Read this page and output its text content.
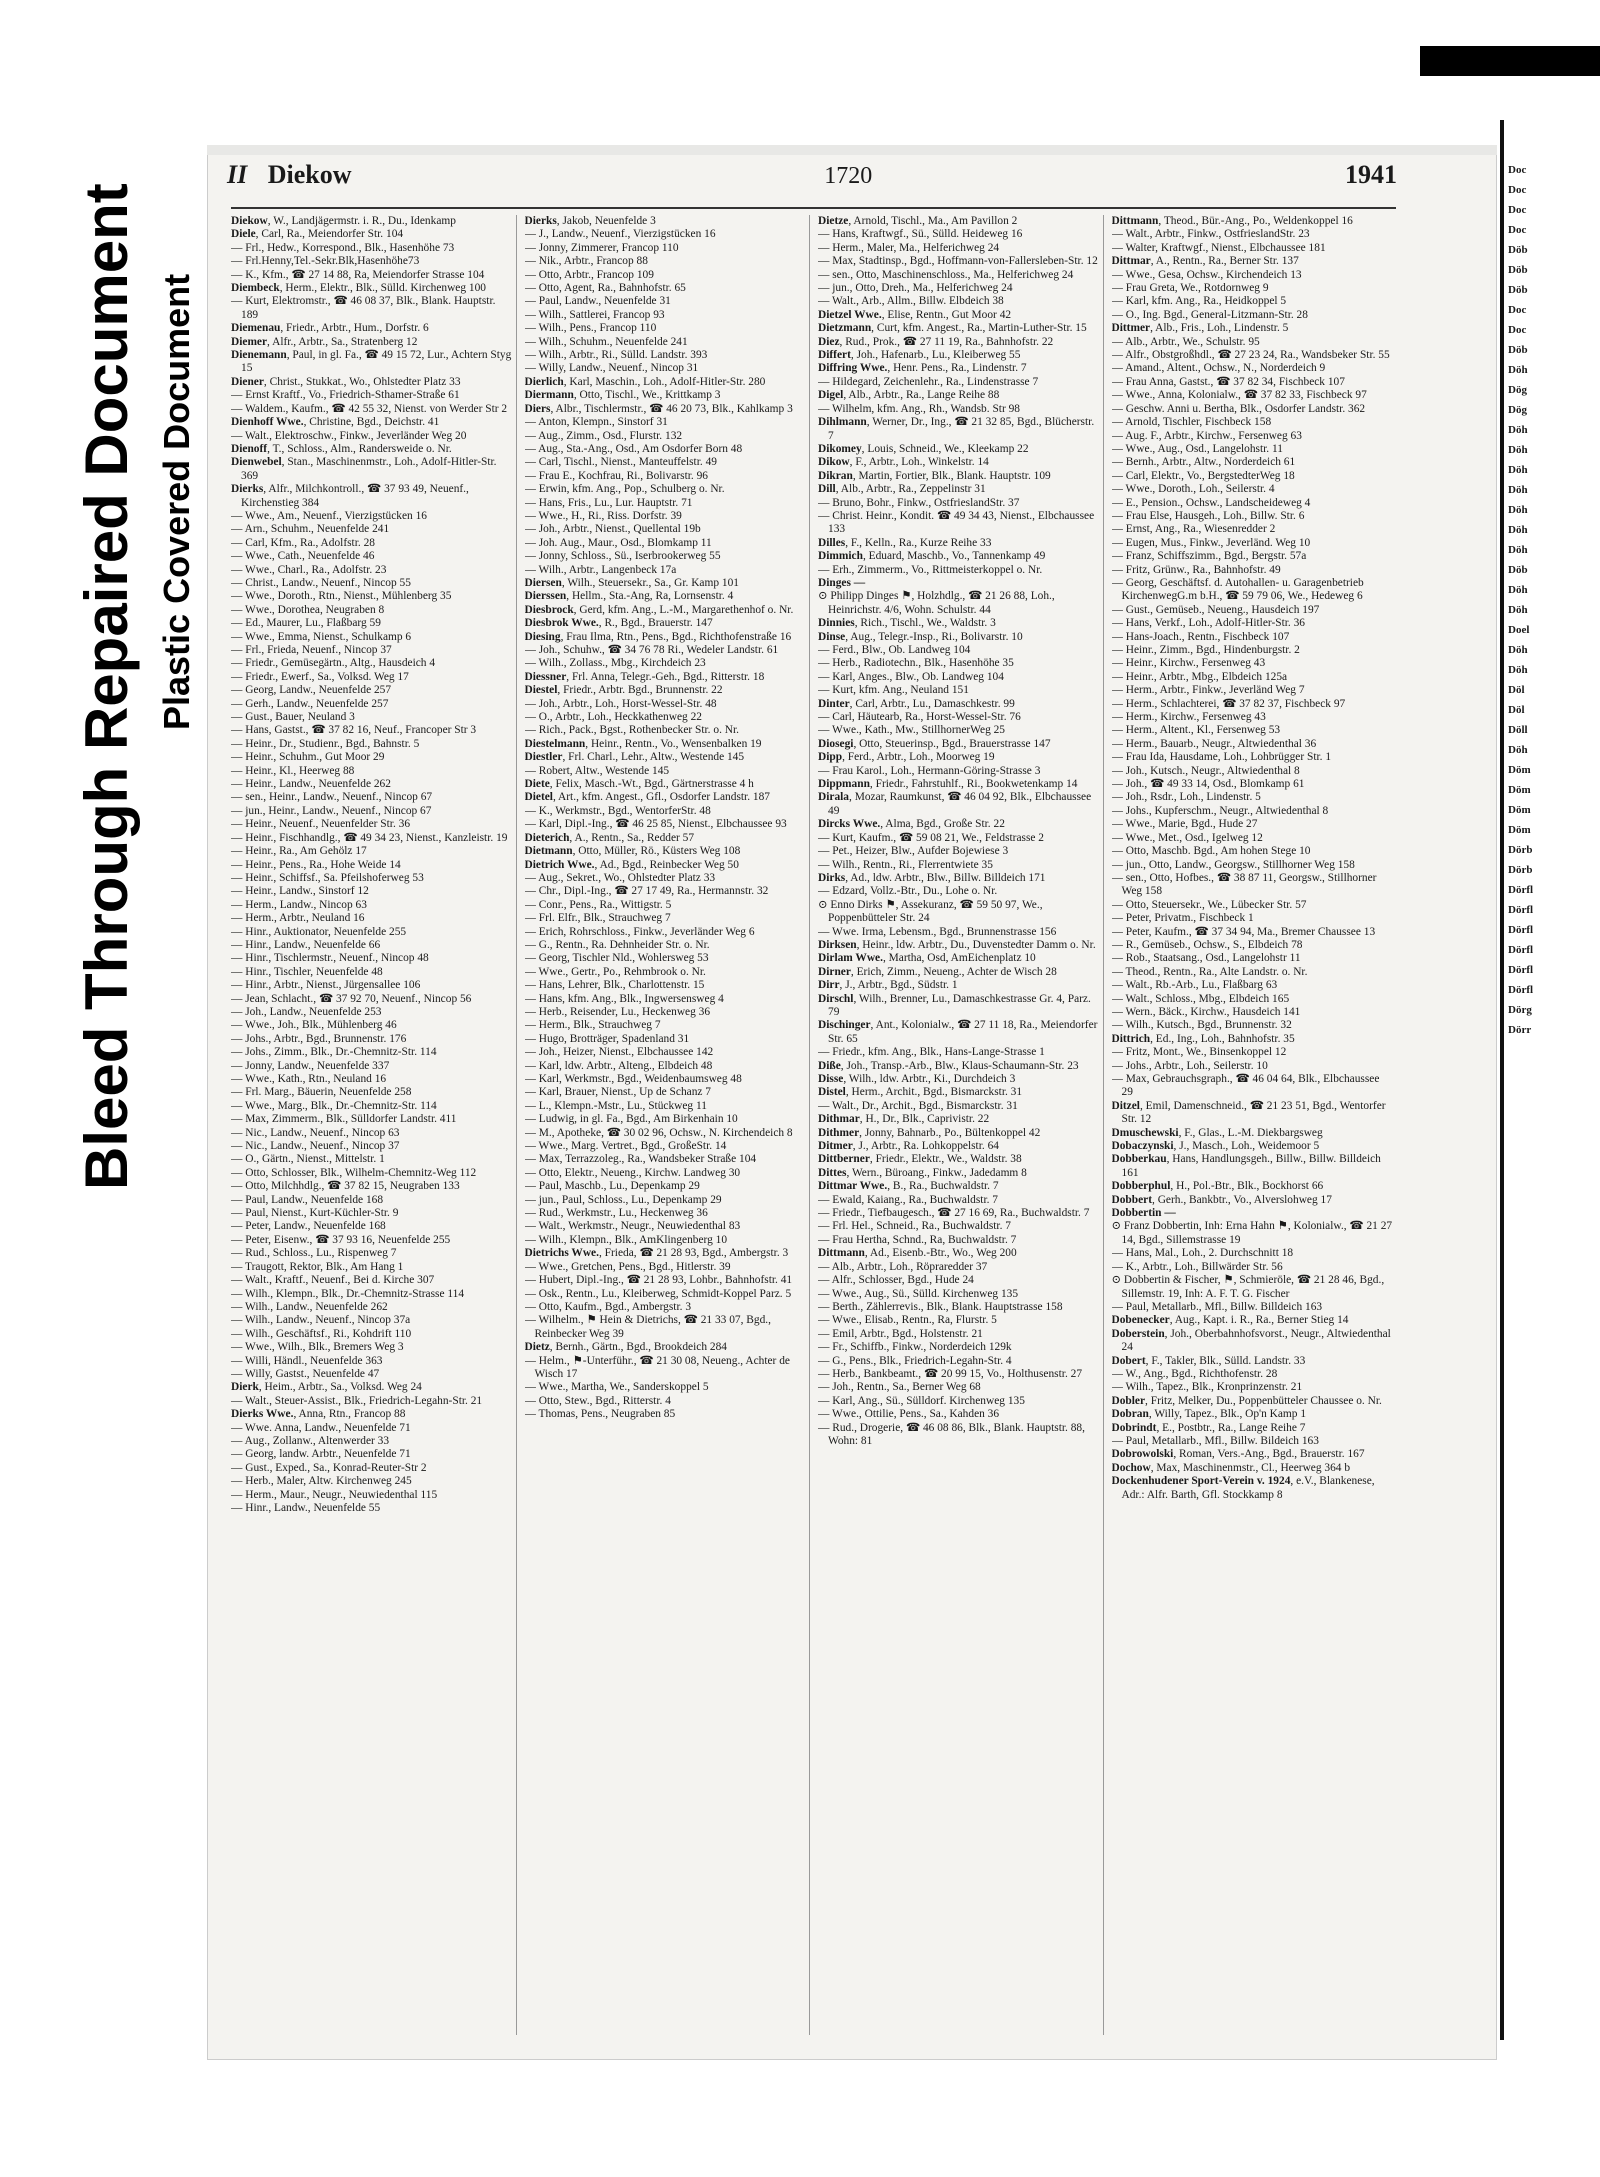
Bleed Through Repaired Document Plastic Covered Document
Doc
Doc
Doc
Doc
Döb
Döb
Döb
Doc
Doc
Döb
Döh
Dög
Dög
Döh
Döh
Döh
Döh
Döh
Döh
Döh
Döb
Döh
Döh
Doel
Döh
Döh
Döl
Döl
Döll
Döh
Döm
Döm
Döm
Döm
Dörb
Dörb
Dörfl
Dörfl
Dörfl
Dörfl
Dörfl
Dörfl
Dörg
Dörr
II Diekow	1720	1941

Diekow, W., Landjägermstr. i. R., Du., Idenkamp

Diele, Carl, Ra., Meiendorfer Str. 104

— Frl., Hedw., Korrespond., Blk., Hasenhöhe 73

— Frl.Henny,Tel.-Sekr.Blk,Hasenhöhe73

— K., Kfm., ☎ 27 14 88, Ra, Meiendorfer Strasse 104

Diembeck, Herm., Elektr., Blk., Sülld. Kirchenweg 100

— Kurt, Elektromstr., ☎ 46 08 37, Blk., Blank. Hauptstr. 189

Diemenau, Friedr., Arbtr., Hum., Dorfstr. 6

Diemer, Alfr., Arbtr., Sa., Stratenberg 12

Dienemann, Paul, in gl. Fa., ☎ 49 15 72, Lur., Achtern Styg 15

Diener, Christ., Stukkat., Wo., Ohlstedter Platz 33

— Ernst Kraftf., Vo., Friedrich-Sthamer-Straße 61

— Waldem., Kaufm., ☎ 42 55 32, Nienst. von Werder Str 2

Dienhoff Wwe., Christine, Bgd., Deichstr. 41

— Walt., Elektroschw., Finkw., Jeverländer Weg 20

Dienoff, T., Schloss., Alm., Randersweide o. Nr.

Dienwebel, Stan., Maschinenmstr., Loh., Adolf-Hitler-Str. 369

Dierks, Alfr., Milchkontroll., ☎ 37 93 49, Neuenf., Kirchenstieg 384

— Wwe., Am., Neuenf., Vierzigstücken 16

— Arn., Schuhm., Neuenfelde 241

— Carl, Kfm., Ra., Adolfstr. 28

— Wwe., Cath., Neuenfelde 46

— Wwe., Charl., Ra., Adolfstr. 23

— Christ., Landw., Neuenf., Nincop 55

— Wwe., Doroth., Rtn., Nienst., Mühlenberg 35

— Wwe., Dorothea, Neugraben 8

— Ed., Maurer, Lu., Flaßbarg 59

— Wwe., Emma, Nienst., Schulkamp 6

— Frl., Frieda, Neuenf., Nincop 37

— Friedr., Gemüsegärtn., Altg., Hausdeich 4

— Friedr., Ewerf., Sa., Volksd. Weg 17

— Georg, Landw., Neuenfelde 257

— Gerh., Landw., Neuenfelde 257

— Gust., Bauer, Neuland 3

— Hans, Gastst., ☎ 37 82 16, Neuf., Francoper Str 3

— Heinr., Dr., Studienr., Bgd., Bahnstr. 5

— Heinr., Schuhm., Gut Moor 29

— Heinr., Kl., Heerweg 88

— Heinr., Landw., Neuenfelde 262

— sen., Heinr., Landw., Neuenf., Nincop 67

— jun., Heinr., Landw., Neuenf., Nincop 67

— Heinr., Neuenf., Neuenfelder Str. 36

— Heinr., Fischhandlg., ☎ 49 34 23, Nienst., Kanzleistr. 19

— Heinr., Ra., Am Gehölz 17

— Heinr., Pens., Ra., Hohe Weide 14

— Heinr., Schiffsf., Sa. Pfeilshoferweg 53

— Heinr., Landw., Sinstorf 12

— Herm., Landw., Nincop 63

— Herm., Arbtr., Neuland 16

— Hinr., Auktionator, Neuenfelde 255

— Hinr., Landw., Neuenfelde 66

— Hinr., Tischlermstr., Neuenf., Nincop 48

— Hinr., Tischler, Neuenfelde 48

— Hinr., Arbtr., Nienst., Jürgensallee 106

— Jean, Schlacht., ☎ 37 92 70, Neuenf., Nincop 56

— Joh., Landw., Neuenfelde 253

— Wwe., Joh., Blk., Mühlenberg 46

— Johs., Arbtr., Bgd., Brunnenstr. 176

— Johs., Zimm., Blk., Dr.-Chemnitz-Str. 114

— Jonny, Landw., Neuenfelde 337

— Wwe., Kath., Rtn., Neuland 16

— Frl. Marg., Bäuerin, Neuenfelde 258

— Wwe., Marg., Blk., Dr.-Chemnitz-Str. 114

— Max, Zimmerm., Blk., Sülldorfer Landstr. 411

— Nic., Landw., Neuenf., Nincop 63

— Nic., Landw., Neuenf., Nincop 37

— O., Gärtn., Nienst., Mittelstr. 1

— Otto, Schlosser, Blk., Wilhelm-Chemnitz-Weg 112

— Otto, Milchhdlg., ☎ 37 82 15, Neugraben 133

— Paul, Landw., Neuenfelde 168

— Paul, Nienst., Kurt-Küchler-Str. 9

— Peter, Landw., Neuenfelde 168

— Peter, Eisenw., ☎ 37 93 16, Neuenfelde 255

— Rud., Schloss., Lu., Rispenweg 7

— Traugott, Rektor, Blk., Am Hang 1

— Walt., Kraftf., Neuenf., Bei d. Kirche 307

— Wilh., Klempn., Blk., Dr.-Chemnitz-Strasse 114

— Wilh., Landw., Neuenfelde 262

— Wilh., Landw., Neuenf., Nincop 37a

— Wilh., Geschäftsf., Ri., Kohdrift 110

— Wwe., Wilh., Blk., Bremers Weg 3

— Willi, Händl., Neuenfelde 363

— Willy, Gastst., Neuenfelde 47

Dierk, Heim., Arbtr., Sa., Volksd. Weg 24

— Walt., Steuer-Assist., Blk., Friedrich-Legahn-Str. 21

Dierks Wwe., Anna, Rtn., Francop 88

— Wwe. Anna, Landw., Neuenfelde 71

— Aug., Zollanw., Altenwerder 33

— Georg, landw. Arbtr., Neuenfelde 71

— Gust., Exped., Sa., Konrad-Reuter-Str 2

— Herb., Maler, Altw. Kirchenweg 245

— Herm., Maur., Neugr., Neuwiedenthal 115

— Hinr., Landw., Neuenfelde 55

Dierks, Jakob, Neuenfelde 3

— J., Landw., Neuenf., Vierzigstücken 16

— Jonny, Zimmerer, Francop 110

— Nik., Arbtr., Francop 88

— Otto, Arbtr., Francop 109

— Otto, Agent, Ra., Bahnhofstr. 65

— Paul, Landw., Neuenfelde 31

— Wilh., Sattlerei, Francop 93

— Wilh., Pens., Francop 110

— Wilh., Schuhm., Neuenfelde 241

— Wilh., Arbtr., Ri., Sülld. Landstr. 393

— Willy, Landw., Neuenf., Nincop 31

Dierlich, Karl, Maschin., Loh., Adolf-Hitler-Str. 280

Diermann, Otto, Tischl., We., Krittkamp 3

Diers, Albr., Tischlermstr., ☎ 46 20 73, Blk., Kahlkamp 3

— Anton, Klempn., Sinstorf 31

— Aug., Zimm., Osd., Flurstr. 132

— Aug., Sta.-Ang., Osd., Am Osdorfer Born 48

— Carl, Tischl., Nienst., Manteuffelstr. 49

— Frau E., Kochfrau, Ri., Bolivarstr. 96

— Erwin, kfm. Ang., Pop., Schulberg o. Nr.

— Hans, Fris., Lu., Lur. Hauptstr. 71

— Wwe., H., Ri., Riss. Dorfstr. 39

— Joh., Arbtr., Nienst., Quellental 19b

— Joh. Aug., Maur., Osd., Blomkamp 11

— Jonny, Schloss., Sü., Iserbrookerweg 55

— Wilh., Arbtr., Langenbeck 17a

Diersen, Wilh., Steuersekr., Sa., Gr. Kamp 101

Dierssen, Hellm., Sta.-Ang, Ra, Lornsenstr. 4

Diesbrock, Gerd, kfm. Ang., L.-M., Margarethenhof o. Nr.

Diesbrok Wwe., R., Bgd., Brauerstr. 147

Diesing, Frau Ilma, Rtn., Pens., Bgd., Richthofenstraße 16

— Joh., Schuhw., ☎ 34 76 78 Ri., Wedeler Landstr. 61

— Wilh., Zollass., Mbg., Kirchdeich 23

Diessner, Frl. Anna, Telegr.-Geh., Bgd., Ritterstr. 18

Diestel, Friedr., Arbtr. Bgd., Brunnenstr. 22

— Joh., Arbtr., Loh., Horst-Wessel-Str. 48

— O., Arbtr., Loh., Heckkathenweg 22

— Rich., Pack., Bgst., Rothenbecker Str. o. Nr.

Diestelmann, Heinr., Rentn., Vo., Wensenbalken 19

Diestler, Frl. Charl., Lehr., Altw., Westende 145

— Robert, Altw., Westende 145

Diete, Felix, Masch.-Wt., Bgd., Gärtnerstrasse 4 h

Dietel, Art., kfm. Angest., Gfl., Osdorfer Landstr. 187

— K., Werkmstr., Bgd., WentorferStr. 48

— Karl, Dipl.-Ing., ☎ 46 25 85, Nienst., Elbchaussee 93

Dieterich, A., Rentn., Sa., Redder 57

Dietmann, Otto, Müller, Rö., Küsters Weg 108

Dietrich Wwe., Ad., Bgd., Reinbecker Weg 50

— Aug., Sekret., Wo., Ohlstedter Platz 33

— Chr., Dipl.-Ing., ☎ 27 17 49, Ra., Hermannstr. 32

— Conr., Pens., Ra., Wittigstr. 5

— Frl. Elfr., Blk., Strauchweg 7

— Erich, Rohrschloss., Finkw., Jeverländer Weg 6

— G., Rentn., Ra. Dehnheider Str. o. Nr.

— Georg, Tischler Nld., Wohlersweg 53

— Wwe., Gertr., Po., Rehmbrook o. Nr.

— Hans, Lehrer, Blk., Charlottenstr. 15

— Hans, kfm. Ang., Blk., Ingwersensweg 4

— Herb., Reisender, Lu., Heckenweg 36

— Herm., Blk., Strauchweg 7

— Hugo, Brotträger, Spadenland 31

— Joh., Heizer, Nienst., Elbchaussee 142

— Karl, ldw. Arbtr., Alteng., Elbdeich 48

— Karl, Werkmstr., Bgd., Weidenbaumsweg 48

— Karl, Brauer, Nienst., Up de Schanz 7

— L., Klempn.-Mstr., Lu., Stückweg 11

— Ludwig, in gl. Fa., Bgd., Am Birkenhain 10

— M., Apotheke, ☎ 30 02 96, Ochsw., N. Kirchendeich 8

— Wwe., Marg. Vertret., Bgd., GroßeStr. 14

— Max, Terrazzoleg., Ra., Wandsbeker Straße 104

— Otto, Elektr., Neueng., Kirchw. Landweg 30

— Paul, Maschb., Lu., Depenkamp 29

— jun., Paul, Schloss., Lu., Depenkamp 29

— Rud., Werkmstr., Lu., Heckenweg 36

— Walt., Werkmstr., Neugr., Neuwiedenthal 83

— Wilh., Klempn., Blk., AmKlingenberg 10

Dietrichs Wwe., Frieda, ☎ 21 28 93, Bgd., Ambergstr. 3

— Wwe., Gretchen, Pens., Bgd., Hitlerstr. 39

— Hubert, Dipl.-Ing., ☎ 21 28 93, Lohbr., Bahnhofstr. 41

— Osk., Rentn., Lu., Kleiberweg, Schmidt-Koppel Parz. 5

— Otto, Kaufm., Bgd., Ambergstr. 3

— Wilhelm., ⚑ Hein & Dietrichs, ☎ 21 33 07, Bgd., Reinbecker Weg 39

Dietz, Bernh., Gärtn., Bgd., Brookdeich 284

— Helm., ⚑-Unterführ., ☎ 21 30 08, Neueng., Achter de Wisch 17

— Wwe., Martha, We., Sanderskoppel 5

— Otto, Stew., Bgd., Ritterstr. 4

— Thomas, Pens., Neugraben 85

Dietze, Arnold, Tischl., Ma., Am Pavillon 2

— Hans, Kraftwgf., Sü., Sülld. Heideweg 16

— Herm., Maler, Ma., Helferichweg 24

— Max, Stadtinsp., Bgd., Hoffmann-von-Fallersleben-Str. 12

— sen., Otto, Maschinenschloss., Ma., Helferichweg 24

— jun., Otto, Dreh., Ma., Helferichweg 24

— Walt., Arb., Allm., Billw. Elbdeich 38

Dietzel Wwe., Elise, Rentn., Gut Moor 42

Dietzmann, Curt, kfm. Angest., Ra., Martin-Luther-Str. 15

Diez, Rud., Prok., ☎ 27 11 19, Ra., Bahnhofstr. 22

Differt, Joh., Hafenarb., Lu., Kleiberweg 55

Diffring Wwe., Henr. Pens., Ra., Lindenstr. 7

— Hildegard, Zeichenlehr., Ra., Lindenstrasse 7

Digel, Alb., Arbtr., Ra., Lange Reihe 88

— Wilhelm, kfm. Ang., Rh., Wandsb. Str 98

Dihlmann, Werner, Dr., Ing., ☎ 21 32 85, Bgd., Blücherstr. 7

Dikomey, Louis, Schneid., We., Kleekamp 22

Dikow, F., Arbtr., Loh., Winkelstr. 14

Dikran, Martin, Fortier, Blk., Blank. Hauptstr. 109

Dill, Alb., Arbtr., Ra., Zeppelinstr 31

— Bruno, Bohr., Finkw., OstfrieslandStr. 37

— Christ. Heinr., Kondit. ☎ 49 34 43, Nienst., Elbchaussee 133

Dilles, F., Kelln., Ra., Kurze Reihe 33

Dimmich, Eduard, Maschb., Vo., Tannenkamp 49

— Erh., Zimmerm., Vo., Rittmeisterkoppel o. Nr.

Dinges —

⊙ Philipp Dinges ⚑, Holzhdlg., ☎ 21 26 88, Loh., Heinrichstr. 4/6, Wohn. Schulstr. 44

Dinnies, Rich., Tischl., We., Waldstr. 3

Dinse, Aug., Telegr.-Insp., Ri., Bolivarstr. 10

— Ferd., Blw., Ob. Landweg 104

— Herb., Radiotechn., Blk., Hasenhöhe 35

— Karl, Anges., Blw., Ob. Landweg 104

— Kurt, kfm. Ang., Neuland 151

Dinter, Carl, Arbtr., Lu., Damaschkestr. 99

— Carl, Häutearb, Ra., Horst-Wessel-Str. 76

— Wwe., Kath., Mw., StillhornerWeg 25

Diosegi, Otto, Steuerinsp., Bgd., Brauerstrasse 147

Dipp, Ferd., Arbtr., Loh., Moorweg 19

— Frau Karol., Loh., Hermann-Göring-Strasse 3

Dippmann, Friedr., Fahrstuhlf., Ri., Bookwetenkamp 14

Dirala, Mozar, Raumkunst, ☎ 46 04 92, Blk., Elbchaussee 49

Dircks Wwe., Alma, Bgd., Große Str. 22

— Kurt, Kaufm., ☎ 59 08 21, We., Feldstrasse 2

— Pet., Heizer, Blw., Aufder Bojewiese 3

— Wilh., Rentn., Ri., Flerrentwiete 35

Dirks, Ad., ldw. Arbtr., Blw., Billw. Billdeich 171

— Edzard, Vollz.-Btr., Du., Lohe o. Nr.

⊙ Enno Dirks ⚑, Assekuranz, ☎ 59 50 97, We., Poppenbütteler Str. 24

— Wwe. Irma, Lebensm., Bgd., Brunnenstrasse 156

Dirksen, Heinr., ldw. Arbtr., Du., Duvenstedter Damm o. Nr.

Dirlam Wwe., Martha, Osd, AmEichenplatz 10

Dirner, Erich, Zimm., Neueng., Achter de Wisch 28

Dirr, J., Arbtr., Bgd., Südstr. 1

Dirschl, Wilh., Brenner, Lu., Damaschkestrasse Gr. 4, Parz. 79

Dischinger, Ant., Kolonialw., ☎ 27 11 18, Ra., Meiendorfer Str. 65

— Friedr., kfm. Ang., Blk., Hans-Lange-Strasse 1

Diße, Joh., Transp.-Arb., Blw., Klaus-Schaumann-Str. 23

Disse, Wilh., ldw. Arbtr., Ki., Durchdeich 3

Distel, Herm., Archit., Bgd., Bismarckstr. 31

— Walt., Dr., Archit., Bgd., Bismarckstr. 31

Dithmar, H., Dr., Blk., Caprivistr. 22

Dithmer, Jonny, Bahnarb., Po., Bültenkoppel 42

Ditmer, J., Arbtr., Ra. Lohkoppelstr. 64

Dittberner, Friedr., Elektr., We., Waldstr. 38

Dittes, Wern., Büroang., Finkw., Jadedamm 8

Dittmar Wwe., B., Ra., Buchwaldstr. 7

— Ewald, Kaiang., Ra., Buchwaldstr. 7

— Friedr., Tiefbaugesch., ☎ 27 16 69, Ra., Buchwaldstr. 7

— Frl. Hel., Schneid., Ra., Buchwaldstr. 7

— Frau Hertha, Schnd., Ra, Buchwaldstr. 7

Dittmann, Ad., Eisenb.-Btr., Wo., Weg 200

— Alb., Arbtr., Loh., Röpraredder 37

— Alfr., Schlosser, Bgd., Hude 24

— Wwe., Aug., Sü., Sülld. Kirchenweg 135

— Berth., Zählerrevis., Blk., Blank. Hauptstrasse 158

— Wwe., Elisab., Rentn., Ra, Flurstr. 5

— Emil, Arbtr., Bgd., Holstenstr. 21

— Fr., Schiffb., Finkw., Norderdeich 129k

— G., Pens., Blk., Friedrich-Legahn-Str. 4

— Herb., Bankbeamt., ☎ 20 99 15, Vo., Holthusenstr. 27

— Joh., Rentn., Sa., Berner Weg 68

— Karl, Ang., Sü., Sülldorf. Kirchenweg 135

— Wwe., Ottilie, Pens., Sa., Kahden 36

— Rud., Drogerie, ☎ 46 08 86, Blk., Blank. Hauptstr. 88, Wohn: 81

Dittmann, Theod., Bür.-Ang., Po., Weldenkoppel 16

— Walt., Arbtr., Finkw., OstfrieslandStr. 23

— Walter, Kraftwgf., Nienst., Elbchaussee 181

Dittmar, A., Rentn., Ra., Berner Str. 137

— Wwe., Gesa, Ochsw., Kirchendeich 13

— Frau Greta, We., Rotdornweg 9

— Karl, kfm. Ang., Ra., Heidkoppel 5

— O., Ing. Bgd., General-Litzmann-Str. 28

Dittmer, Alb., Fris., Loh., Lindenstr. 5

— Alb., Arbtr., We., Schulstr. 95

— Alfr., Obstgroßhdl., ☎ 27 23 24, Ra., Wandsbeker Str. 55

— Amand., Altent., Ochsw., N., Norderdeich 9

— Frau Anna, Gastst., ☎ 37 82 34, Fischbeck 107

— Wwe., Anna, Kolonialw., ☎ 37 82 33, Fischbeck 97

— Geschw. Anni u. Bertha, Blk., Osdorfer Landstr. 362

— Arnold, Tischler, Fischbeck 158

— Aug. F., Arbtr., Kirchw., Fersenweg 63

— Wwe., Aug., Osd., Langelohstr. 11

— Bernh., Arbtr., Altw., Norderdeich 61

— Carl, Elektr., Vo., BergstedterWeg 18

— Wwe., Doroth., Loh., Seilerstr. 4

— E., Pension., Ochsw., Landscheideweg 4

— Frau Else, Hausgeh., Loh., Billw. Str. 6

— Ernst, Ang., Ra., Wiesenredder 2

— Eugen, Mus., Finkw., Jeverländ. Weg 10

— Franz, Schiffszimm., Bgd., Bergstr. 57a

— Fritz, Grünw., Ra., Bahnhofstr. 49

— Georg, Geschäftsf. d. Autohallen- u. Garagenbetrieb KirchenwegG.m b.H., ☎ 59 79 06, We., Hedeweg 6

— Gust., Gemüseb., Neueng., Hausdeich 197

— Hans, Verkf., Loh., Adolf-Hitler-Str. 36

— Hans-Joach., Rentn., Fischbeck 107

— Heinr., Zimm., Bgd., Hindenburgstr. 2

— Heinr., Kirchw., Fersenweg 43

— Heinr., Arbtr., Mbg., Elbdeich 125a

— Herm., Arbtr., Finkw., Jeverländ Weg 7

— Herm., Schlachterei, ☎ 37 82 37, Fischbeck 97

— Herm., Kirchw., Fersenweg 43

— Herm., Altent., Kl., Fersenweg 53

— Herm., Bauarb., Neugr., Altwiedenthal 36

— Frau Ida, Hausdame, Loh., Lohbrügger Str. 1

— Joh., Kutsch., Neugr., Altwiedenthal 8

— Joh., ☎ 49 33 14, Osd., Blomkamp 61

— Joh., Rsdr., Loh., Lindenstr. 5

— Johs., Kupferschm., Neugr., Altwiedenthal 8

— Wwe., Marie, Bgd., Hude 27

— Wwe., Met., Osd., Igelweg 12

— Otto, Maschb. Bgd., Am hohen Stege 10

— jun., Otto, Landw., Georgsw., Stillhorner Weg 158

— sen., Otto, Hofbes., ☎ 38 87 11, Georgsw., Stillhorner Weg 158

— Otto, Steuersekr., We., Lübecker Str. 57

— Peter, Privatm., Fischbeck 1

— Peter, Kaufm., ☎ 37 34 94, Ma., Bremer Chaussee 13

— R., Gemüseb., Ochsw., S., Elbdeich 78

— Rob., Staatsang., Osd., Langelohstr 11

— Theod., Rentn., Ra., Alte Landstr. o. Nr.

— Walt., Rb.-Arb., Lu., Flaßbarg 63

— Walt., Schloss., Mbg., Elbdeich 165

— Wern., Bäck., Kirchw., Hausdeich 141

— Wilh., Kutsch., Bgd., Brunnenstr. 32

Dittrich, Ed., Ing., Loh., Bahnhofstr. 35

— Fritz, Mont., We., Binsenkoppel 12

— Johs., Arbtr., Loh., Seilerstr. 10

— Max, Gebrauchsgraph., ☎ 46 04 64, Blk., Elbchaussee 29

Ditzel, Emil, Damenschneid., ☎ 21 23 51, Bgd., Wentorfer Str. 12

Dmuschewski, F., Glas., L.-M. Diekbargsweg

Dobaczynski, J., Masch., Loh., Weidemoor 5

Dobberkau, Hans, Handlungsgeh., Billw., Billw. Billdeich 161

Dobberphul, H., Pol.-Btr., Blk., Bockhorst 66

Dobbert, Gerh., Bankbtr., Vo., Alverslohweg 17

Dobbertin —

⊙ Franz Dobbertin, Inh: Erna Hahn ⚑, Kolonialw., ☎ 21 27 14, Bgd., Sillemstrasse 19

— Hans, Mal., Loh., 2. Durchschnitt 18

— K., Arbtr., Loh., Billwärder Str. 56

⊙ Dobbertin & Fischer, ⚑, Schmieröle, ☎ 21 28 46, Bgd., Sillemstr. 19, Inh: A. F. T. G. Fischer

— Paul, Metallarb., Mfl., Billw. Billdeich 163

Dobenecker, Aug., Kapt. i. R., Ra., Berner Stieg 14

Doberstein, Joh., Oberbahnhofsvorst., Neugr., Altwiedenthal 24

Dobert, F., Takler, Blk., Sülld. Landstr. 33

— W., Ang., Bgd., Richthofenstr. 28

— Wilh., Tapez., Blk., Kronprinzenstr. 21

Dobler, Fritz, Melker, Du., Poppenbütteler Chaussee o. Nr.

Dobran, Willy, Tapez., Blk., Op'n Kamp 1

Dobrindt, E., Postbtr., Ra., Lange Reihe 7

— Paul, Metallarb., Mfl., Billw. Bildeich 163

Dobrowolski, Roman, Vers.-Ang., Bgd., Brauerstr. 167

Dochow, Max, Maschinenmstr., Cl., Heerweg 364 b

Dockenhudener Sport-Verein v. 1924, e.V., Blankenese, Adr.: Alfr. Barth, Gfl. Stockkamp 8
